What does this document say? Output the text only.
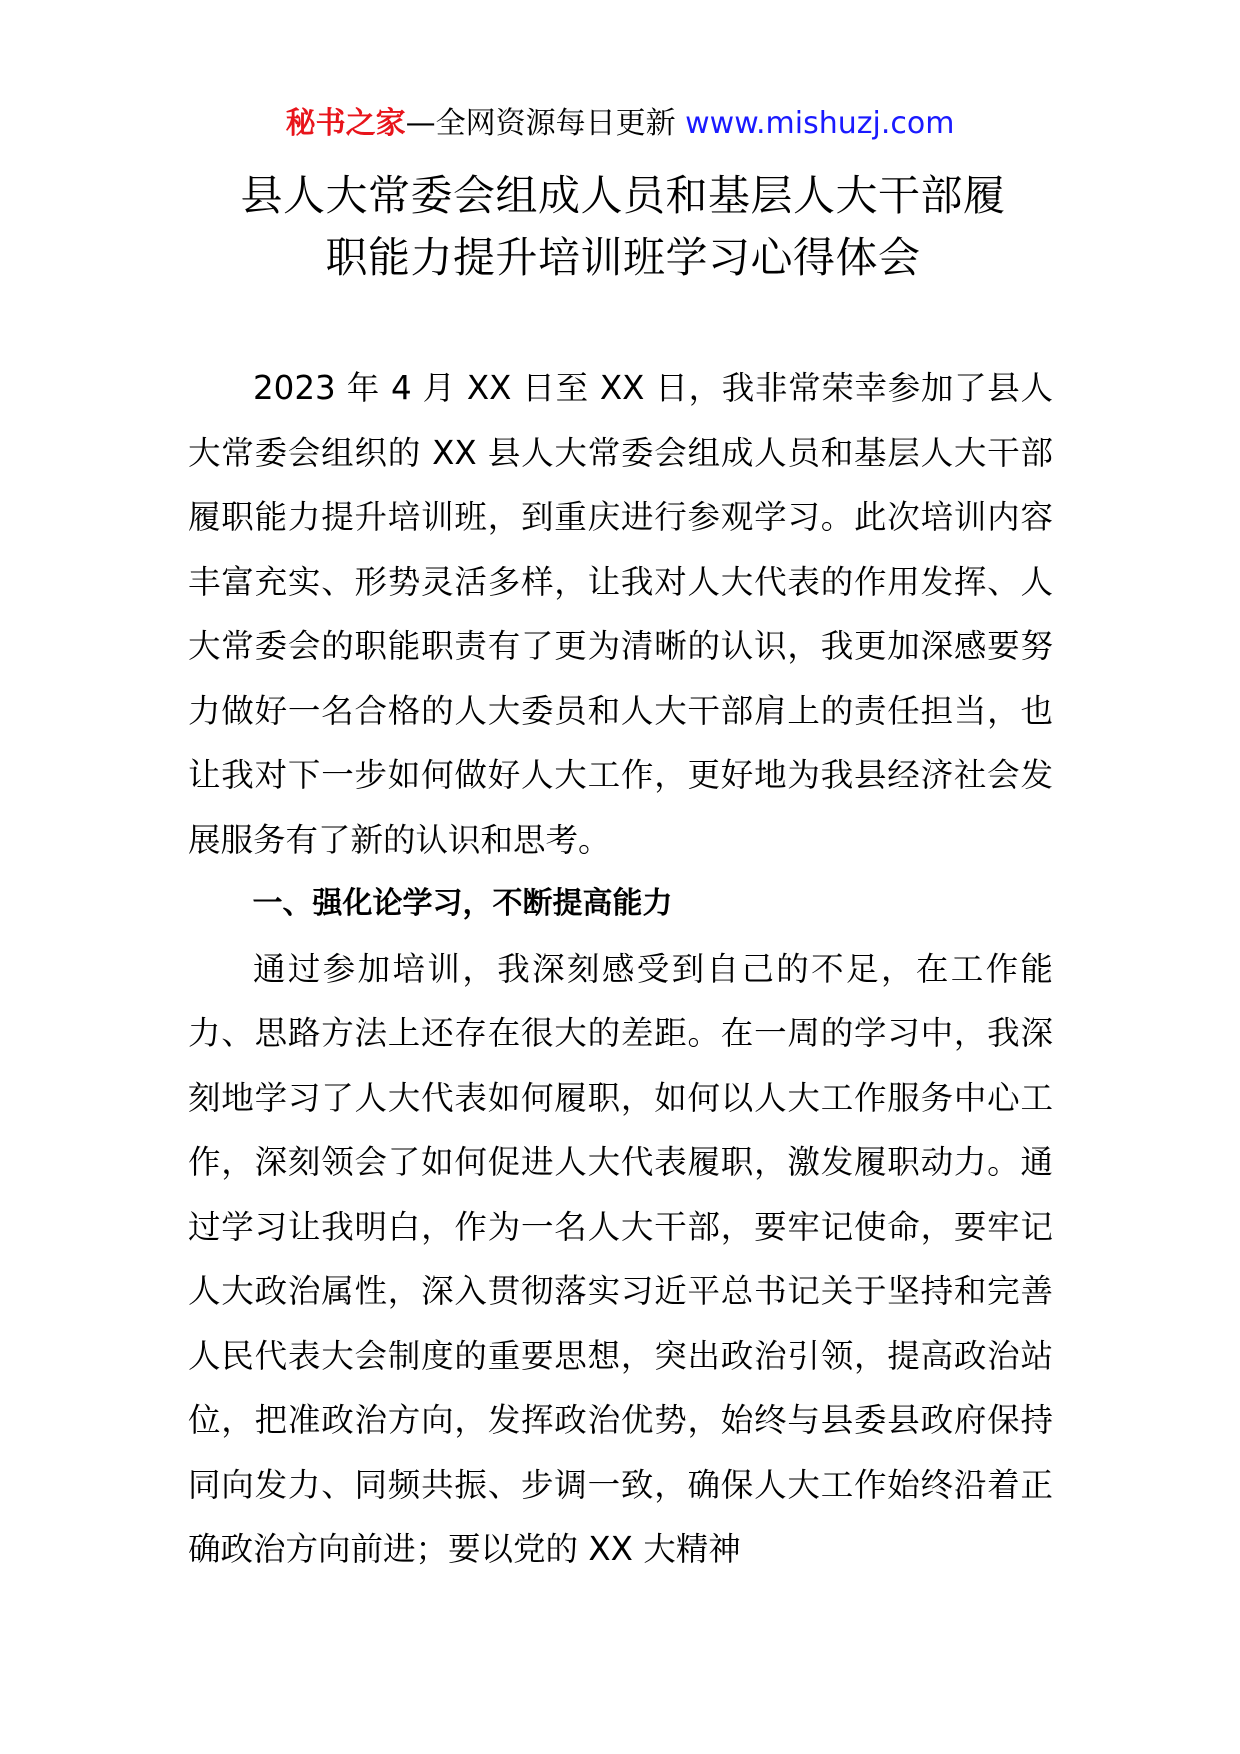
秘书之家—全网资源每日更新 www.mishuzj.com
县人大常委会组成人员和基层人大干部履
职能力提升培训班学习心得体会

2023 年 4 月 XX 日至 XX 日，我非常荣幸参加了县人大常委会组织的 XX 县人大常委会组成人员和基层人大干部履职能力提升培训班，到重庆进行参观学习。此次培训内容丰富充实、形势灵活多样，让我对人大代表的作用发挥、人大常委会的职能职责有了更为清晰的认识，我更加深感要努力做好一名合格的人大委员和人大干部肩上的责任担当，也让我对下一步如何做好人大工作，更好地为我县经济社会发展服务有了新的认识和思考。

一、强化论学习，不断提高能力

通过参加培训，我深刻感受到自己的不足，在工作能力、思路方法上还存在很大的差距。在一周的学习中，我深刻地学习了人大代表如何履职，如何以人大工作服务中心工作，深刻领会了如何促进人大代表履职，激发履职动力。通过学习让我明白，作为一名人大干部，要牢记使命，要牢记人大政治属性，深入贯彻落实习近平总书记关于坚持和完善人民代表大会制度的重要思想，突出政治引领，提高政治站位，把准政治方向，发挥政治优势，始终与县委县政府保持同向发力、同频共振、步调一致，确保人大工作始终沿着正确政治方向前进；要以党的 XX 大精神
